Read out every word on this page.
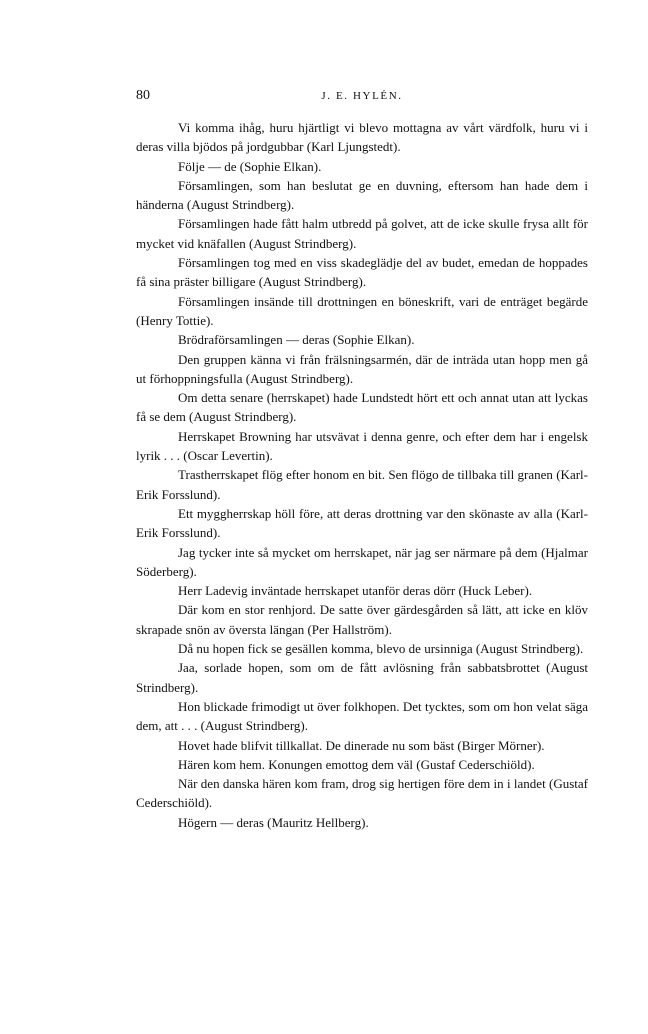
80	J. E. HYLÉN.

Vi komma ihåg, huru hjärtligt vi blevo mottagna av vårt värdfolk, huru vi i deras villa bjödos på jordgubbar (Karl Ljungstedt).

Följe — de (Sophie Elkan).

Församlingen, som han beslutat ge en duvning, eftersom han hade dem i händerna (August Strindberg).

Församlingen hade fått halm utbredd på golvet, att de icke skulle frysa allt för mycket vid knäfallen (August Strindberg).

Församlingen tog med en viss skadeglädje del av budet, emedan de hoppades få sina präster billigare (August Strindberg).

Församlingen insände till drottningen en böneskrift, vari de enträget begärde (Henry Tottie).

Brödraförsamlingen — deras (Sophie Elkan).

Den gruppen känna vi från frälsningsarmén, där de inträda utan hopp men gå ut förhoppningsfulla (August Strindberg).

Om detta senare (herrskapet) hade Lundstedt hört ett och annat utan att lyckas få se dem (August Strindberg).

Herrskapet Browning har utsvävat i denna genre, och efter dem har i engelsk lyrik . . . (Oscar Levertin).

Trastherrskapet flög efter honom en bit. Sen flögo de tillbaka till granen (Karl-Erik Forsslund).

Ett myggherrskap höll före, att deras drottning var den skönaste av alla (Karl-Erik Forsslund).

Jag tycker inte så mycket om herrskapet, när jag ser närmare på dem (Hjalmar Söderberg).

Herr Ladevig inväntade herrskapet utanför deras dörr (Huck Leber).

Där kom en stor renhjord. De satte över gärdesgården så lätt, att icke en klöv skrapade snön av översta längan (Per Hallström).

Då nu hopen fick se gesällen komma, blevo de ursinniga (August Strindberg).

Jaa, sorlade hopen, som om de fått avlösning från sabbatsbrottet (August Strindberg).

Hon blickade frimodigt ut över folkhopen. Det tycktes, som om hon velat säga dem, att . . . (August Strindberg).

Hovet hade blifvit tillkallat. De dinerade nu som bäst (Birger Mörner).

Hären kom hem. Konungen emottog dem väl (Gustaf Cederschiöld).

När den danska hären kom fram, drog sig hertigen före dem in i landet (Gustaf Cederschiöld).

Högern — deras (Mauritz Hellberg).
